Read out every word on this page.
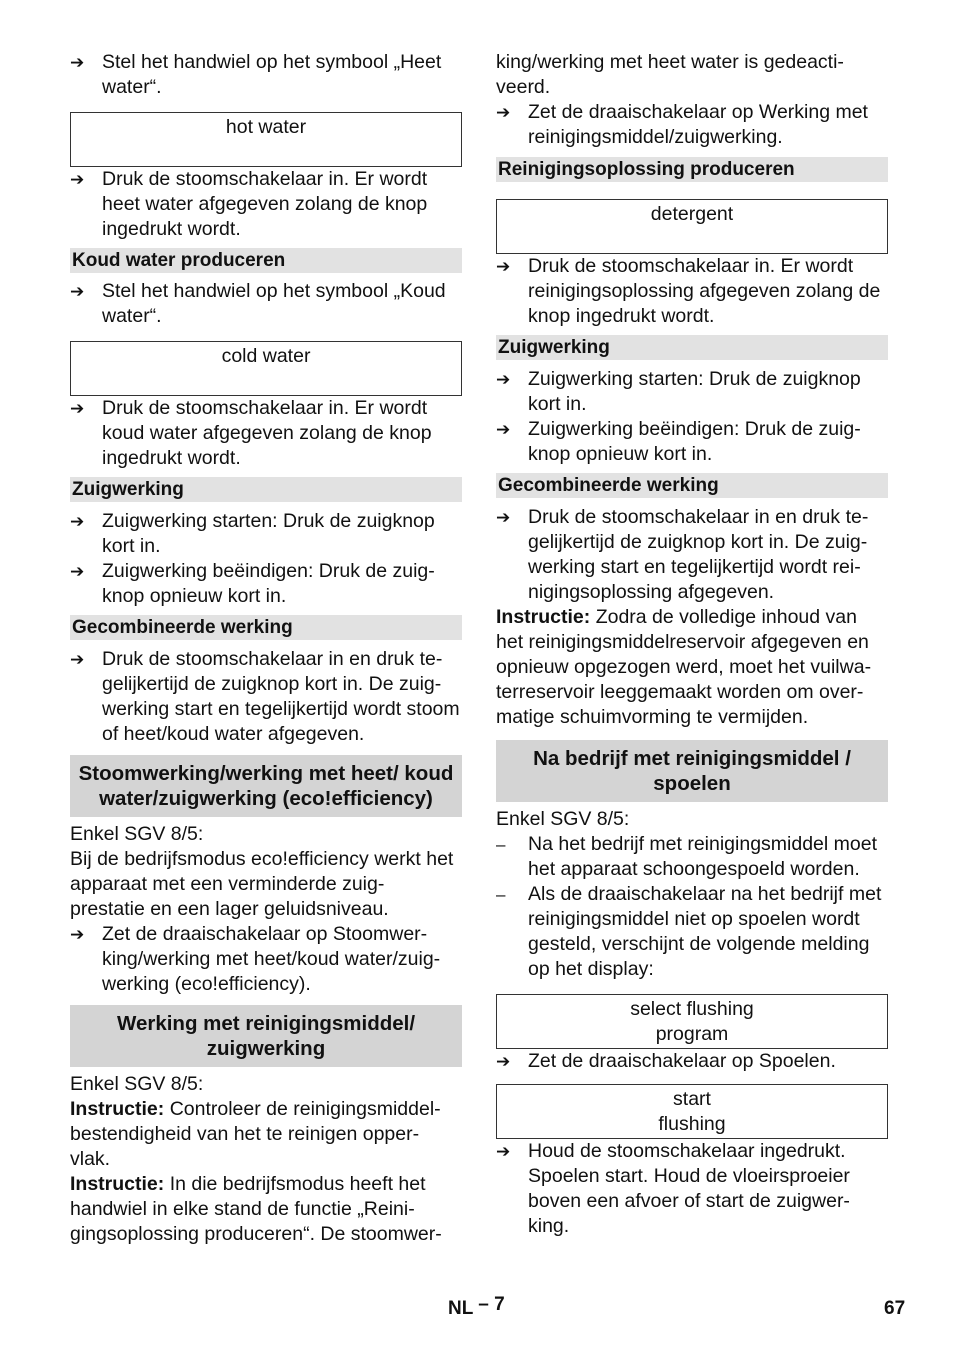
➔ Stel het handwiel op het symbool „Heet water“.
hot water
➔ Druk de stoomschakelaar in. Er wordt heet water afgegeven zolang de knop ingedrukt wordt.
Koud water produceren
➔ Stel het handwiel op het symbool „Koud water“.
cold water
➔ Druk de stoomschakelaar in. Er wordt koud water afgegeven zolang de knop ingedrukt wordt.
Zuigwerking
➔ Zuigwerking starten: Druk de zuigknop kort in.
➔ Zuigwerking beëindigen: Druk de zuig- knop opnieuw kort in.
Gecombineerde werking
➔ Druk de stoomschakelaar in en druk te- gelijkertijd de zuigknop kort in. De zuig- werking start en tegelijkertijd wordt stoom of heet/koud water afgegeven.
Stoomwerking/werking met heet/ koud water/zuigwerking (eco!efficiency)

Enkel SGV 8/5:

Bij de bedrijfsmodus eco!efficiency werkt het apparaat met een verminderde zuig- prestatie en een lager geluidsniveau.

➔ Zet de draaischakelaar op Stoomwer- king/werking met heet/koud water/zuig- werking (eco!efficiency).
Werking met reinigingsmiddel/ zuigwerking

Enkel SGV 8/5:

Instructie: Controleer de reinigingsmiddel- bestendigheid van het te reinigen opper- vlak.

Instructie: In die bedrijfsmodus heeft het handwiel in elke stand de functie „Reini- gingsoplossing produceren“. De stoomwer-

king/werking met heet water is gedeacti- veerd.

➔ Zet de draaischakelaar op Werking met reinigingsmiddel/zuigwerking.
Reinigingsoplossing produceren
detergent
➔ Druk de stoomschakelaar in. Er wordt reinigingsoplossing afgegeven zolang de knop ingedrukt wordt.
Zuigwerking
➔ Zuigwerking starten: Druk de zuigknop kort in.
➔ Zuigwerking beëindigen: Druk de zuig- knop opnieuw kort in.
Gecombineerde werking
➔ Druk de stoomschakelaar in en druk te- gelijkertijd de zuigknop kort in. De zuig- werking start en tegelijkertijd wordt rei- nigingsoplossing afgegeven.

Instructie: Zodra de volledige inhoud van het reinigingsmiddelreservoir afgegeven en opnieuw opgezogen werd, moet het vuilwa- terreservoir leeggemaakt worden om over- matige schuimvorming te vermijden.

Na bedrijf met reinigingsmiddel / spoelen

Enkel SGV 8/5:

–	Na het bedrijf met reinigingsmiddel moet het apparaat schoongespoeld worden.
–	Als de draaischakelaar na het bedrijf met reinigingsmiddel niet op spoelen wordt gesteld, verschijnt de volgende melding op het display:
select flushing
program
➔ Zet de draaischakelaar op Spoelen.
start
flushing
➔ Houd de stoomschakelaar ingedrukt. Spoelen start. Houd de vloeirsproeier boven een afvoer of start de zuigwer- king.
NL – 7	67
